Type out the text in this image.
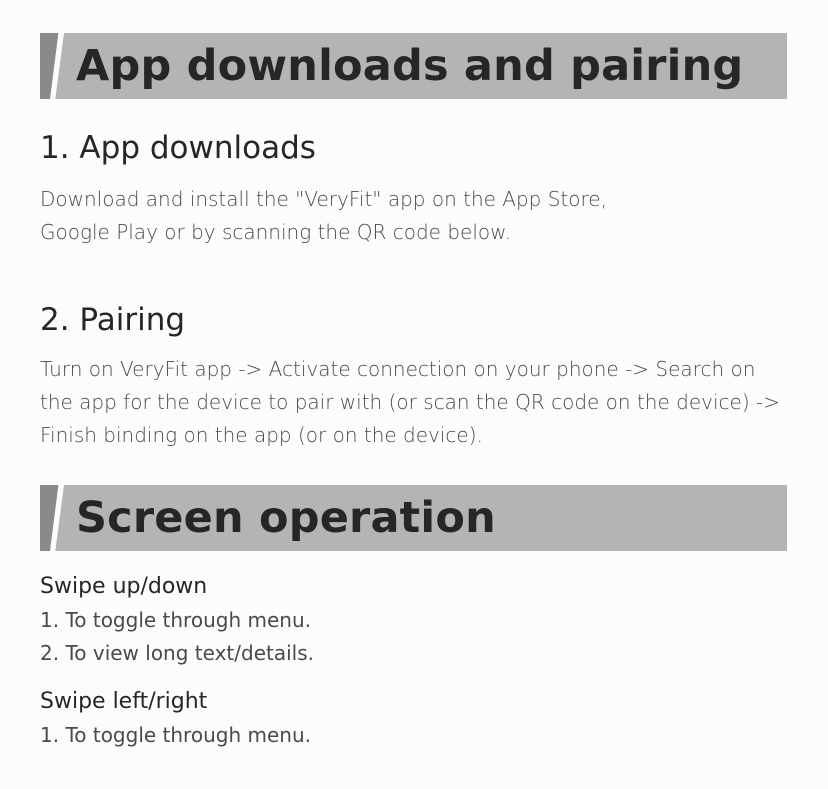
App downloads and pairing
1. App downloads
Download and install the "VeryFit" app on the App Store, Google Play or by scanning the QR code below.
2. Pairing
Turn on VeryFit app -> Activate connection on your phone -> Search on the app for the device to pair with (or scan the QR code on the device) -> Finish binding on the app (or on the device).
Screen operation
Swipe up/down
1. To toggle through menu.
2. To view long text/details.
Swipe left/right
1. To toggle through menu.
